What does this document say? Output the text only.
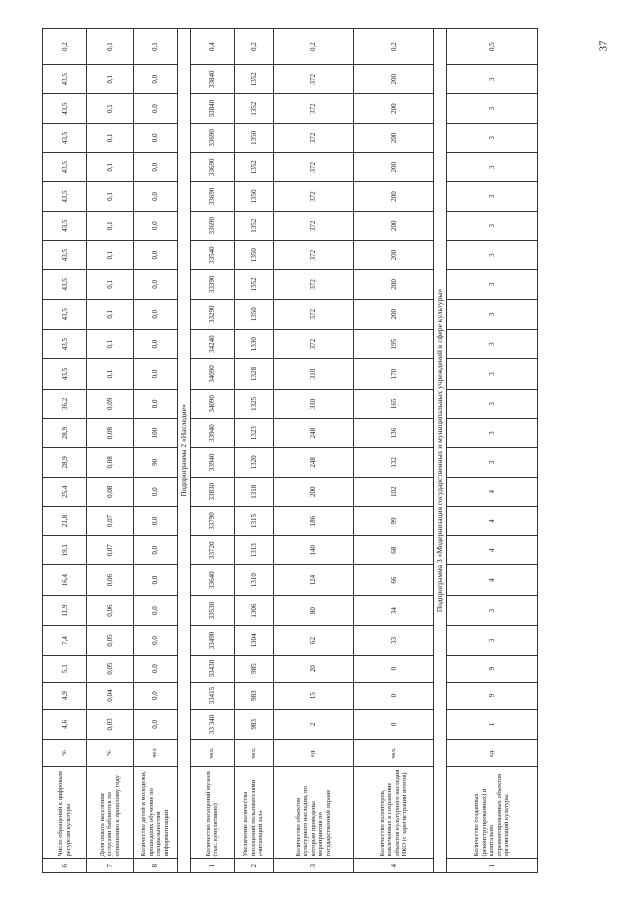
6	Число обращений к цифровым ресурсам культуры	%	4,6	4,9	5,1	7,4	11,9	16,4	19,1	21,8	25,4	28,9	28,9	36,2	43,5	43,5	43,5	43,5	43,5	43,5	43,5	43,5	43,5	43,5	43,5	0,2
7	Доля охвата населения услугами библиотек по отношению к прошлому году	%	0,03	0,04	0,05	0,05	0,06	0,06	0,07	0,07	0,08	0,08	0,08	0,09	0,1	0,1	0,1	0,1	0,1	0,1	0,1	0,1	0,1	0,1	0,1	0,1
8	Количество детей и молодежи, прошедших обучение по специальностям информатизации	чел	0,0	0,0	0,0	0,0	0,0	0,0	0,0	0,0	0,0	90	100	0,0	0,0	0,0	0,0	0,0	0,0	0,0	0,0	0,0	0,0	0,0	0,0	0,1
Подпрограмма 2 «Наследие»																										
1	Количество посещений музеев (тыс. кумулятивно)	чел.	33 340	33415	33430	33490	33530	33640	33720	33790	33830	33940	33940	34090	34090	34240	33290	33390	33540	33690	33690	33690	33690	33840	33840	0,4
2	Увеличение количества посещений пользователями «читающий зал»	чел.	983	983	985	1304	1306	1310	1313	1315	1318	1320	1323	1325	1328	1330	1350	1352	1350	1352	1350	1352	1350	1352	1352	0,2
3	Количество объектов культурного наследия, по которым проведены мероприятия по государственной охране	ед.	2	15	20	62	80	124	140	186	200	248	248	310	310	372	372	372	372	372	372	372	372	372	372	0,2
4	Количество волонтеров, вовлеченных в сохранение объектов культурного наследия НКО (с зарегистрации итогов)	чел.	0	0	0	33	34	66	68	99	102	132	136	165	170	195	200	200	200	200	200	200	200	200	200	0,2
Подпрограмма 3 «Модернизация государственных и муниципальных учреждений в сфере культуры»																										
1	Количество созданных (реконструированных) и капитально отремонтированных объектов организаций культуры	ед.	1	9	9	3	3	4	4	4	4	3	3	3	3	3	3	3	3	3	3	3	3	3	3	0,5	37
